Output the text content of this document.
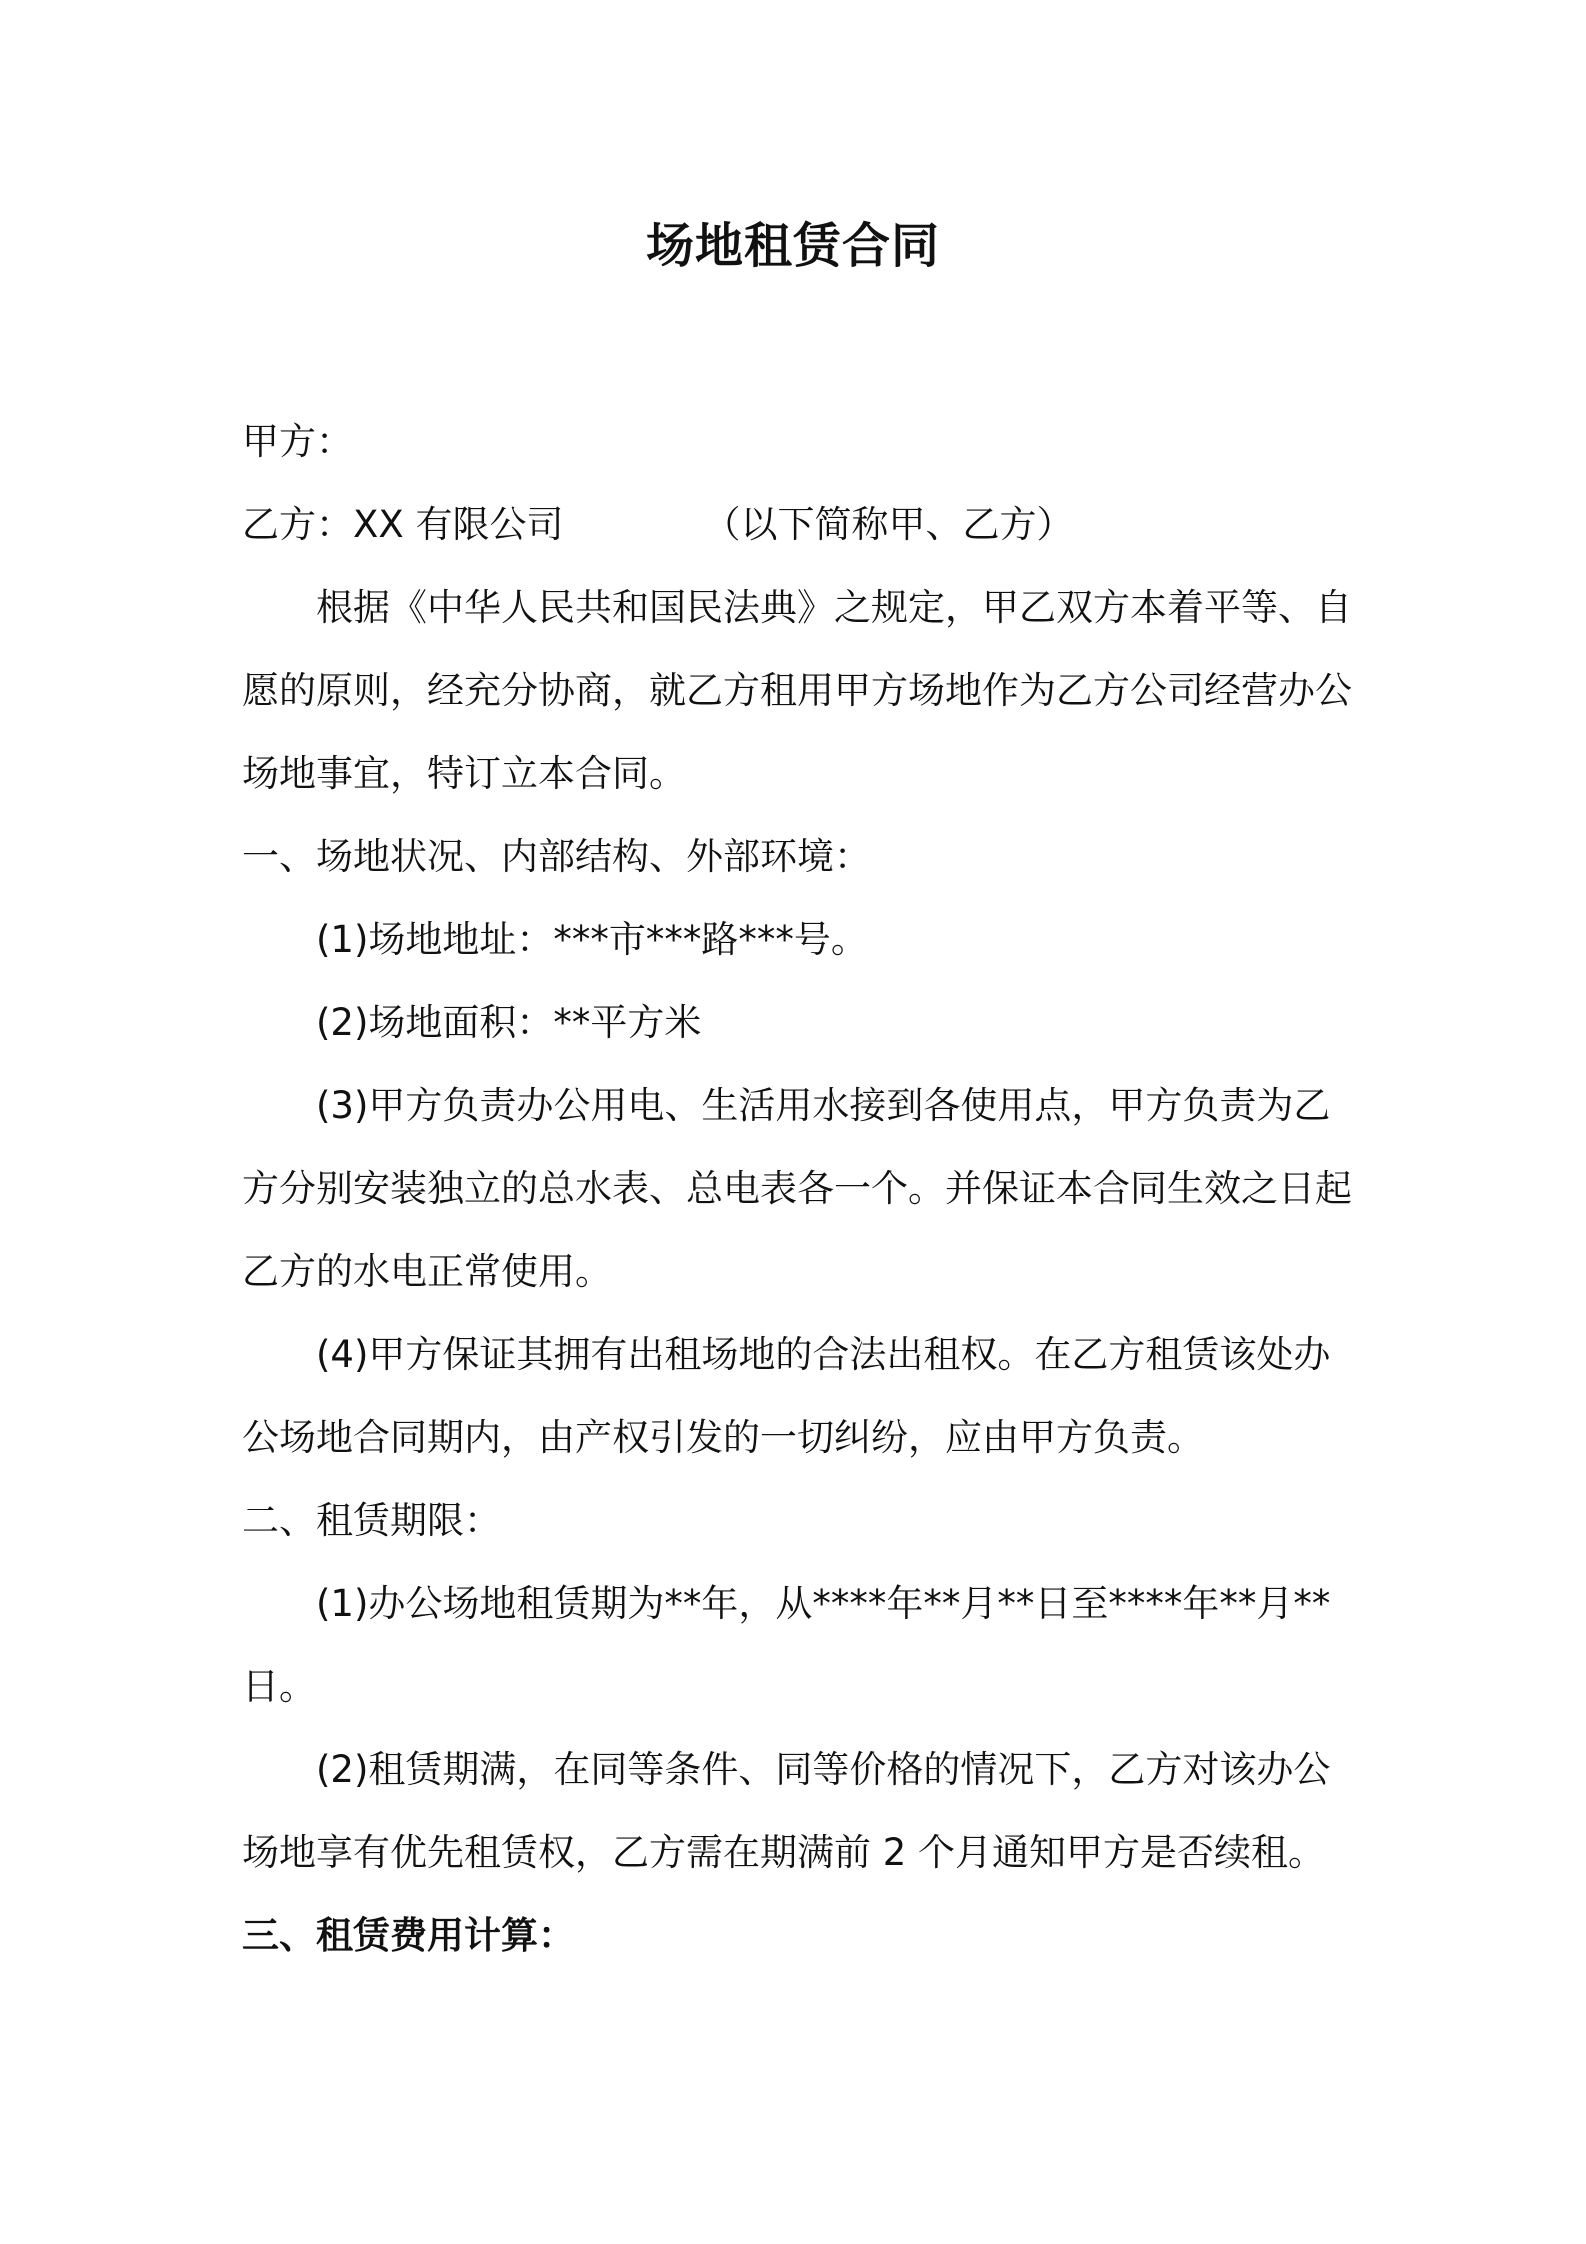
场地租赁合同

甲方：

乙方：XX 有限公司	（以下简称甲、乙方）

根据《中华人民共和国民法典》之规定，甲乙双方本着平等、自

愿的原则，经充分协商，就乙方租用甲方场地作为乙方公司经营办公

场地事宜，特订立本合同。

一、场地状况、内部结构、外部环境：

(1)场地地址：***市***路***号。

(2)场地面积：**平方米

(3)甲方负责办公用电、生活用水接到各使用点，甲方负责为乙

方分别安装独立的总水表、总电表各一个。并保证本合同生效之日起

乙方的水电正常使用。

(4)甲方保证其拥有出租场地的合法出租权。在乙方租赁该处办

公场地合同期内，由产权引发的一切纠纷，应由甲方负责。

二、租赁期限：

(1)办公场地租赁期为**年，从****年**月**日至****年**月**

日。

(2)租赁期满，在同等条件、同等价格的情况下，乙方对该办公

场地享有优先租赁权，乙方需在期满前 2 个月通知甲方是否续租。

三、租赁费用计算：
